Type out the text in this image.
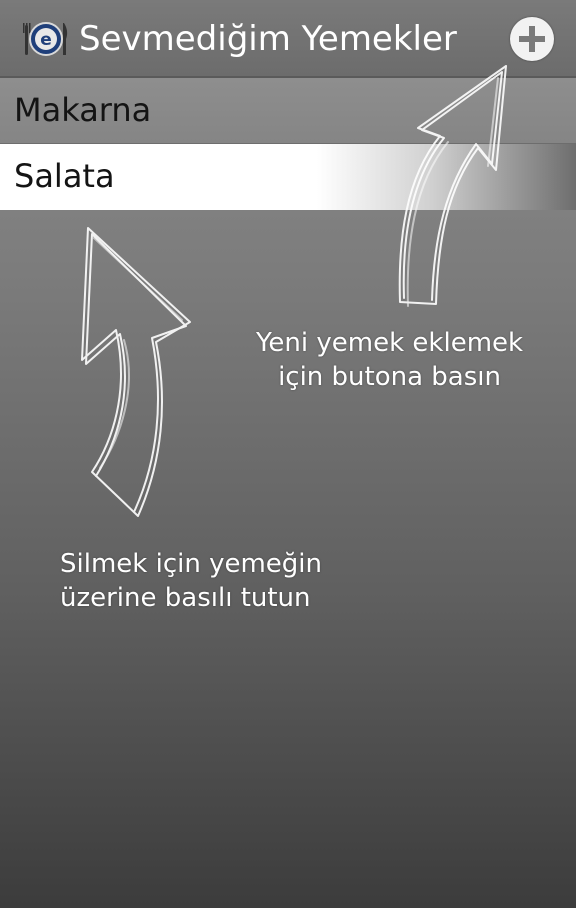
e Sevmediğim Yemekler
Makarna
Salata
Yeni yemek eklemek
için butona basın
Silmek için yemeğin
üzerine basılı tutun
